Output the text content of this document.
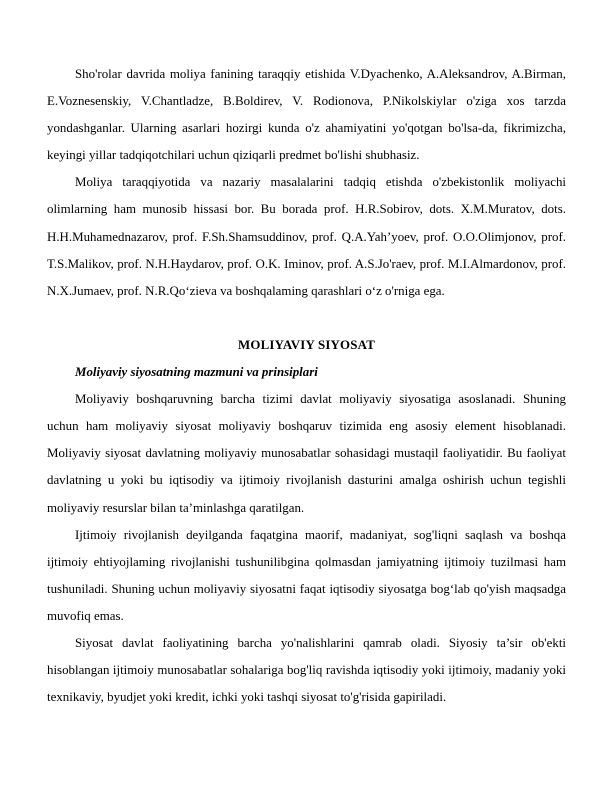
Sho'rolar davrida moliya fanining taraqqiy etishida V.Dyachenko, A.Aleksandrov, A.Birman, E.Voznesenskiy, V.Chantladze, B.Boldirev, V. Rodionova, P.Nikolskiylar o'ziga xos tarzda yondashganlar. Ularning asarlari hozirgi kunda o'z ahamiyatini yo'qotgan bo'lsa-da, fikrimizcha, keyingi yillar tadqiqotchilari uchun qiziqarli predmet bo'lishi shubhasiz.

Moliya taraqqiyotida va nazariy masalalarini tadqiq etishda o'zbekistonlik moliyachi olimlarning ham munosib hissasi bor. Bu borada prof. H.R.Sobirov, dots. X.M.Muratov, dots. H.H.Muhamednazarov, prof. F.Sh.Shamsuddinov, prof. Q.A.Yah’yoev, prof. O.O.Olimjonov, prof. T.S.Malikov, prof. N.H.Haydarov, prof. O.K. Iminov, prof. A.S.Jo'raev, prof. M.I.Almardonov, prof. N.X.Jumaev, prof. N.R.Qo‘zieva va boshqalaming qarashlari o‘z o'rniga ega.

MOLIYAVIY SIYOSAT
Moliyaviy siyosatning mazmuni va prinsiplari

Moliyaviy boshqaruvning barcha tizimi davlat moliyaviy siyosatiga asoslanadi. Shuning uchun ham moliyaviy siyosat moliyaviy boshqaruv tizimida eng asosiy element hisoblanadi. Moliyaviy siyosat davlatning moliyaviy munosabatlar sohasidagi mustaqil faoliyatidir. Bu faoliyat davlatning u yoki bu iqtisodiy va ijtimoiy rivojlanish dasturini amalga oshirish uchun tegishli moliyaviy resurslar bilan ta’minlashga qaratilgan.

Ijtimoiy rivojlanish deyilganda faqatgina maorif, madaniyat, sog'liqni saqlash va boshqa ijtimoiy ehtiyojlaming rivojlanishi tushunilibgina qolmasdan jamiyatning ijtimoiy tuzilmasi ham tushuniladi. Shuning uchun moliyaviy siyosatni faqat iqtisodiy siyosatga bog‘lab qo'yish maqsadga muvofiq emas.

Siyosat davlat faoliyatining barcha yo'nalishlarini qamrab oladi. Siyosiy ta’sir ob'ekti hisoblangan ijtimoiy munosabatlar sohalariga bog'liq ravishda iqtisodiy yoki ijtimoiy, madaniy yoki texnikaviy, byudjet yoki kredit, ichki yoki tashqi siyosat to'g'risida gapiriladi.
